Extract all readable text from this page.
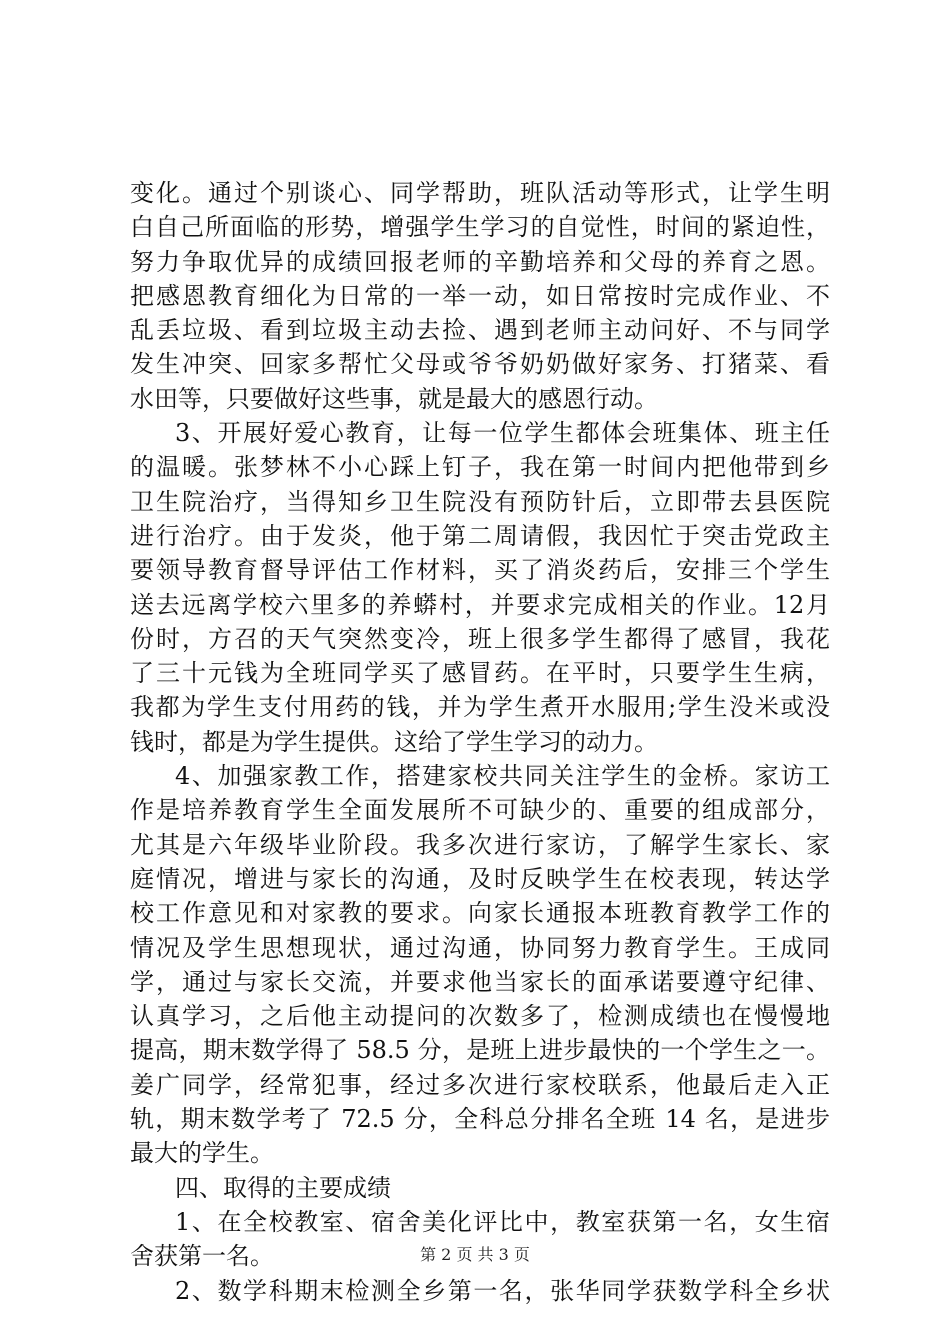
变化。通过个别谈心、同学帮助，班队活动等形式，让学生明
白自己所面临的形势，增强学生学习的自觉性，时间的紧迫性，
努力争取优异的成绩回报老师的辛勤培养和父母的养育之恩。
把感恩教育细化为日常的一举一动，如日常按时完成作业、不
乱丢垃圾、看到垃圾主动去捡、遇到老师主动问好、不与同学
发生冲突、回家多帮忙父母或爷爷奶奶做好家务、打猪菜、看
水田等，只要做好这些事，就是最大的感恩行动。
3、开展好爱心教育，让每一位学生都体会班集体、班主任
的温暖。张梦林不小心踩上钉子，我在第一时间内把他带到乡
卫生院治疗，当得知乡卫生院没有预防针后，立即带去县医院
进行治疗。由于发炎，他于第二周请假，我因忙于突击党政主
要领导教育督导评估工作材料，买了消炎药后，安排三个学生
送去远离学校六里多的养蟒村，并要求完成相关的作业。12月
份时，方召的天气突然变冷，班上很多学生都得了感冒，我花
了三十元钱为全班同学买了感冒药。在平时，只要学生生病，
我都为学生支付用药的钱，并为学生煮开水服用;学生没米或没
钱时，都是为学生提供。这给了学生学习的动力。
4、加强家教工作，搭建家校共同关注学生的金桥。家访工
作是培养教育学生全面发展所不可缺少的、重要的组成部分，
尤其是六年级毕业阶段。我多次进行家访，了解学生家长、家
庭情况，增进与家长的沟通，及时反映学生在校表现，转达学
校工作意见和对家教的要求。向家长通报本班教育教学工作的
情况及学生思想现状，通过沟通，协同努力教育学生。王成同
学，通过与家长交流，并要求他当家长的面承诺要遵守纪律、
认真学习，之后他主动提问的次数多了，检测成绩也在慢慢地
提高，期末数学得了 58.5 分，是班上进步最快的一个学生之一。
姜广同学，经常犯事，经过多次进行家校联系，他最后走入正
轨，期末数学考了 72.5 分，全科总分排名全班 14 名，是进步
最大的学生。
四、取得的主要成绩
1、在全校教室、宿舍美化评比中，教室获第一名，女生宿
舍获第一名。
2、数学科期末检测全乡第一名，张华同学获数学科全乡状
第 2 页 共 3 页
